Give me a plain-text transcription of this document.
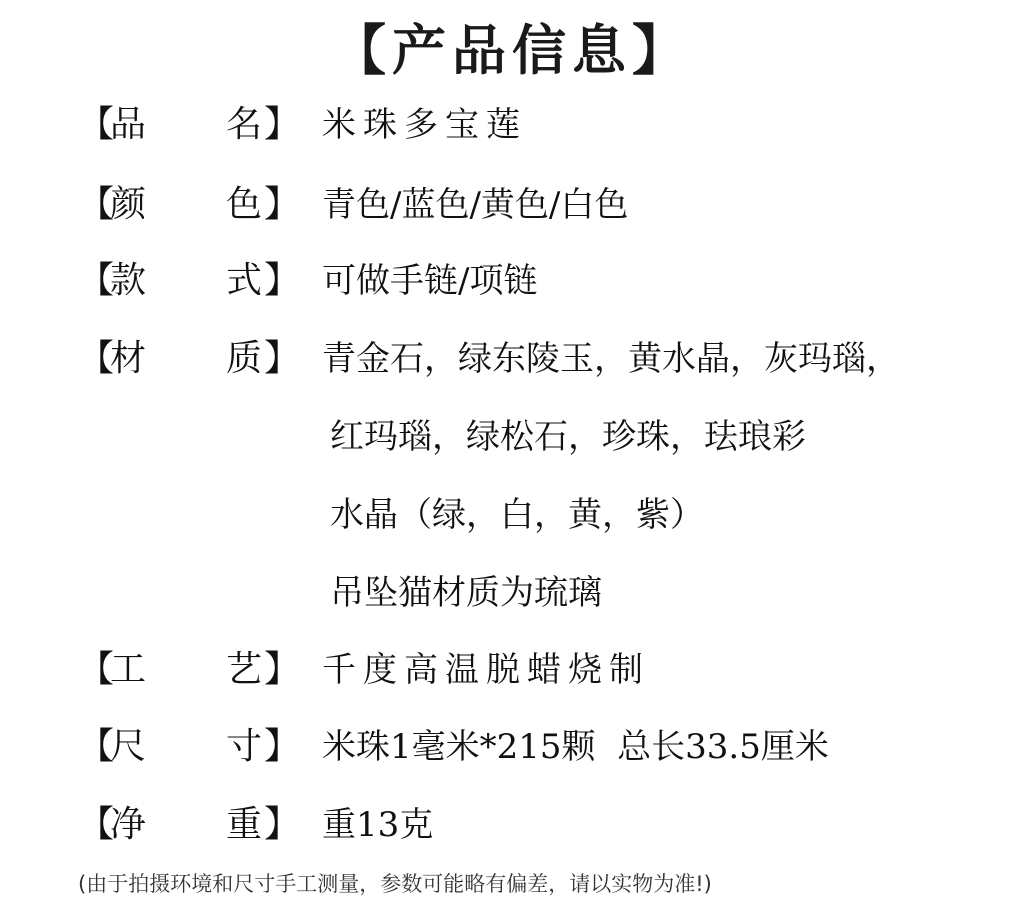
【产品信息】
【
品 名 】 米珠多宝莲
【
颜 色 】 青色/蓝色/黄色/白色
【
款 式 】 可做手链/项链
【
材 质 】 青金石，绿东陵玉，黄水晶，灰玛瑙，
红玛瑙，绿松石，珍珠，珐琅彩
水晶（绿，白，黄，紫）
吊坠猫材质为琉璃
【
工 艺 】 千度高温脱蜡烧制
【
尺 寸 】 米珠1毫米*215颗  总长33.5厘米
【
净 重 】 重13克
(由于拍摄环境和尺寸手工测量，参数可能略有偏差，请以实物为准!)
